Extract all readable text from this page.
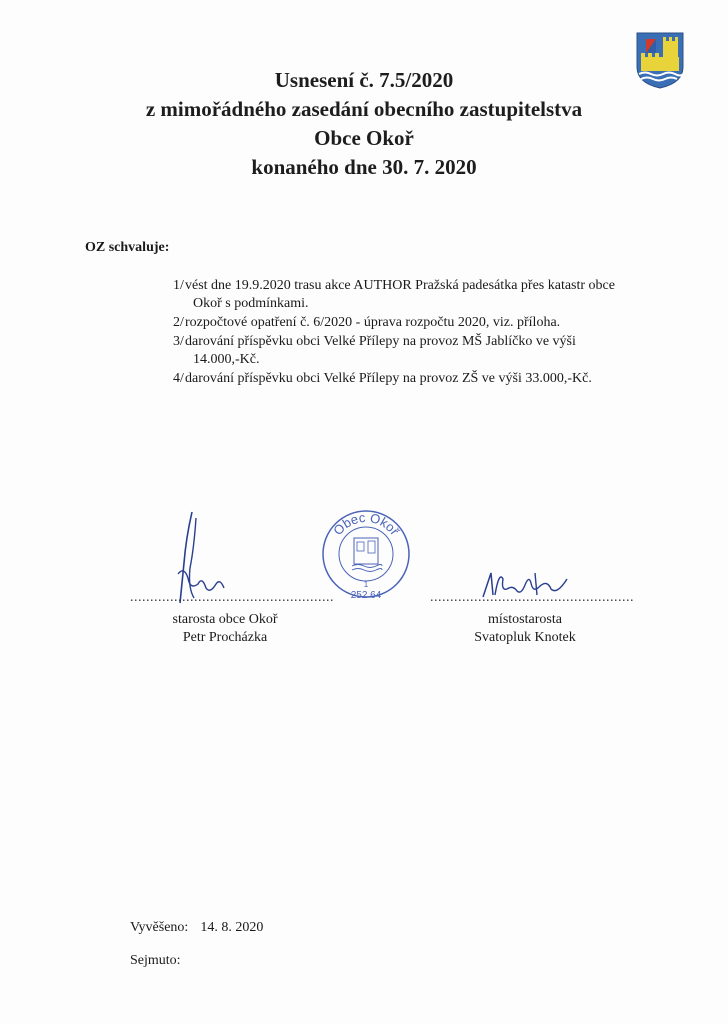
Usnesení č. 7.5/2020
z mimořádného zasedání obecního zastupitelstva
Obce Okoř
konaného dne 30. 7. 2020
OZ schvaluje:
1/ vést dne 19.9.2020 trasu akce AUTHOR Pražská padesátka přes katastr obce Okoř s podmínkami.
2/ rozpočtové opatření č. 6/2020 - úprava rozpočtu 2020, viz. příloha.
3/ darování příspěvku obci Velké Přílepy na provoz MŠ Jablíčko ve výši 14.000,-Kč.
4/ darování příspěvku obci Velké Přílepy na provoz ZŠ ve výši 33.000,-Kč.
Obec Okoř
1
252 64
...................................................	...................................................
starosta obce Okoř
Petr Procházka
místostarosta
Svatopluk Knotek
Vyvěšeno: 14. 8. 2020
Sejmuto:
